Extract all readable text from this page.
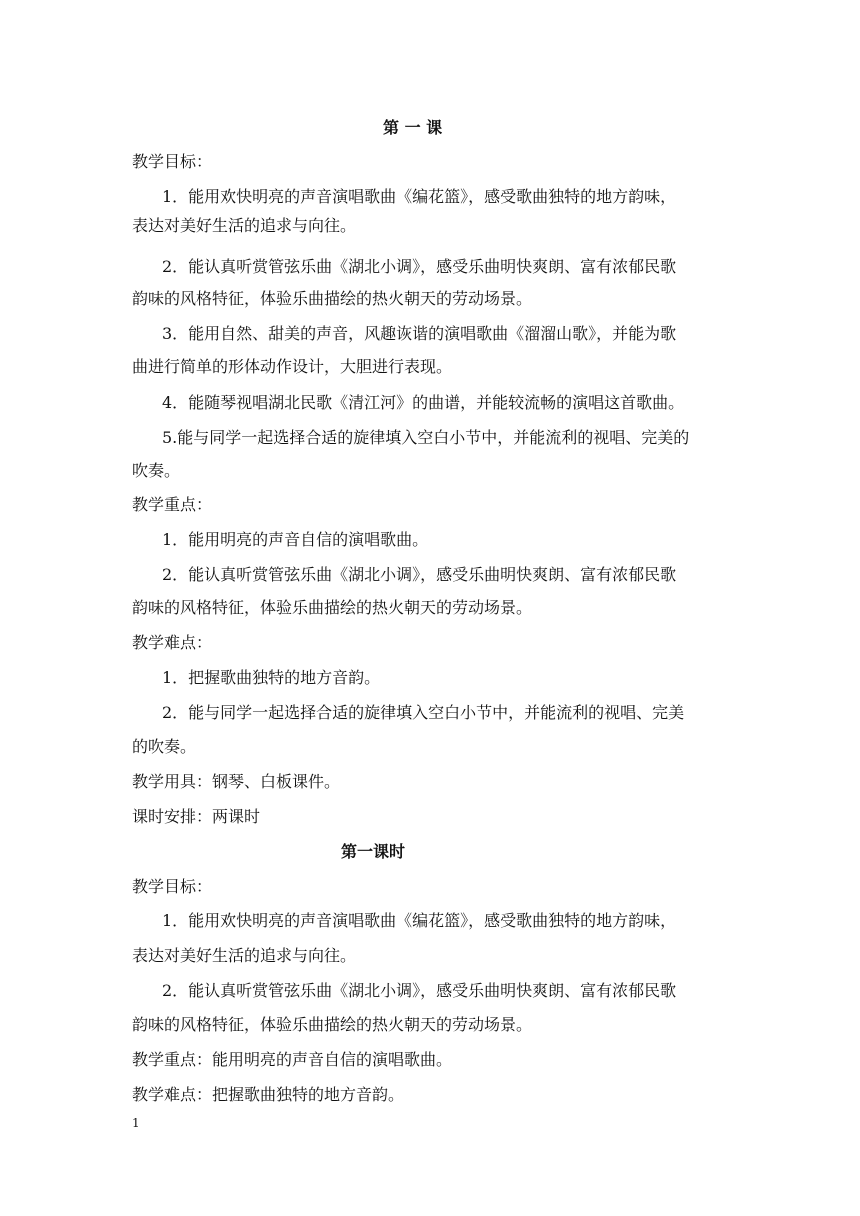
第 一 课
教学目标：
1．能用欢快明亮的声音演唱歌曲《编花篮》，感受歌曲独特的地方韵味，
表达对美好生活的追求与向往。
2．能认真听赏管弦乐曲《湖北小调》，感受乐曲明快爽朗、富有浓郁民歌
韵味的风格特征，体验乐曲描绘的热火朝天的劳动场景。
3．能用自然、甜美的声音，风趣诙谐的演唱歌曲《溜溜山歌》，并能为歌
曲进行简单的形体动作设计，大胆进行表现。
4．能随琴视唱湖北民歌《清江河》的曲谱，并能较流畅的演唱这首歌曲。
5.能与同学一起选择合适的旋律填入空白小节中，并能流利的视唱、完美的
吹奏。
教学重点：
1．能用明亮的声音自信的演唱歌曲。
2．能认真听赏管弦乐曲《湖北小调》，感受乐曲明快爽朗、富有浓郁民歌
韵味的风格特征，体验乐曲描绘的热火朝天的劳动场景。
教学难点：
1．把握歌曲独特的地方音韵。
2．能与同学一起选择合适的旋律填入空白小节中，并能流利的视唱、完美
的吹奏。
教学用具：钢琴、白板课件。
课时安排：两课时
第一课时
教学目标：
1．能用欢快明亮的声音演唱歌曲《编花篮》，感受歌曲独特的地方韵味，
表达对美好生活的追求与向往。
2．能认真听赏管弦乐曲《湖北小调》，感受乐曲明快爽朗、富有浓郁民歌
韵味的风格特征，体验乐曲描绘的热火朝天的劳动场景。
教学重点：能用明亮的声音自信的演唱歌曲。
教学难点：把握歌曲独特的地方音韵。
1
